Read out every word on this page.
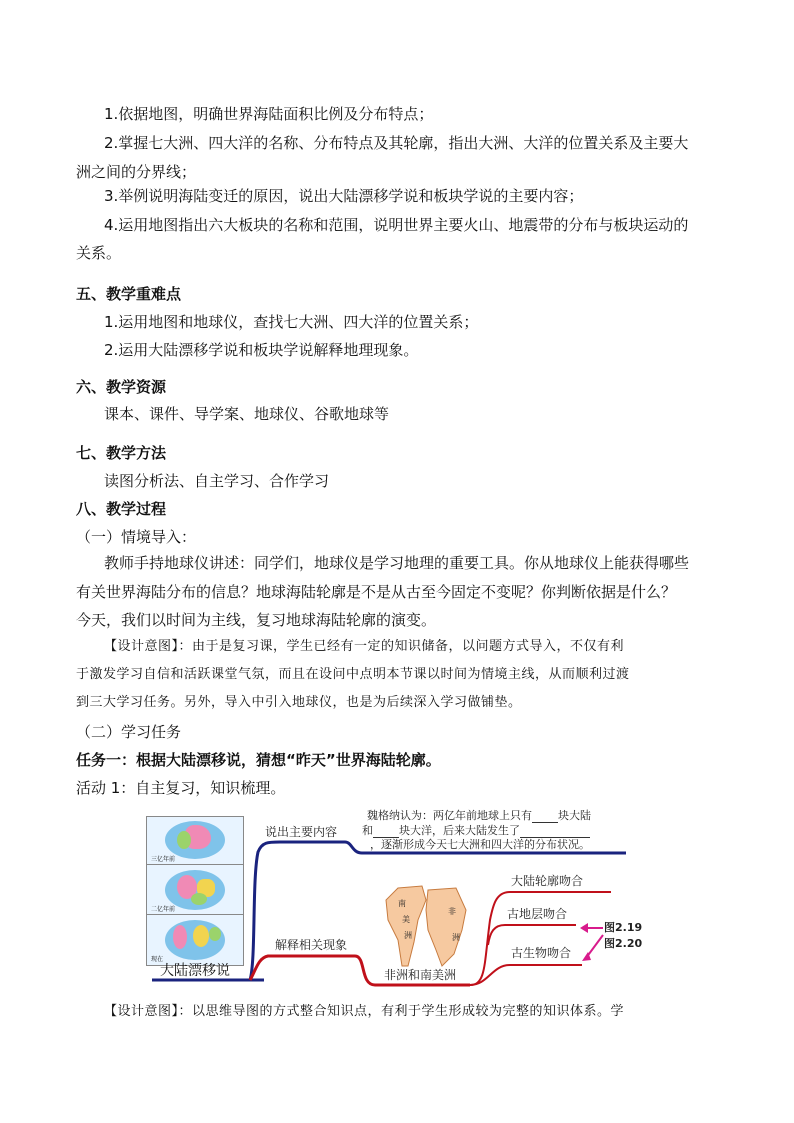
1.依据地图，明确世界海陆面积比例及分布特点；
2.掌握七大洲、四大洋的名称、分布特点及其轮廓，指出大洲、大洋的位置关系及主要大
洲之间的分界线；
3.举例说明海陆变迁的原因，说出大陆漂移学说和板块学说的主要内容；
4.运用地图指出六大板块的名称和范围，说明世界主要火山、地震带的分布与板块运动的
关系。
五、教学重难点
1.运用地图和地球仪，查找七大洲、四大洋的位置关系；
2.运用大陆漂移学说和板块学说解释地理现象。
六、教学资源
课本、课件、导学案、地球仪、谷歌地球等
七、教学方法
读图分析法、自主学习、合作学习
八、教学过程
（一）情境导入：
教师手持地球仪讲述：同学们，地球仪是学习地理的重要工具。你从地球仪上能获得哪些
有关世界海陆分布的信息？地球海陆轮廓是不是从古至今固定不变呢？你判断依据是什么？
今天，我们以时间为主线，复习地球海陆轮廓的演变。
【设计意图】：由于是复习课，学生已经有一定的知识储备，以问题方式导入，不仅有利
于激发学习自信和活跃课堂气氛，而且在设问中点明本节课以时间为情境主线，从而顺利过渡
到三大学习任务。另外，导入中引入地球仪，也是为后续深入学习做铺垫。
（二）学习任务
任务一：根据大陆漂移说，猜想“昨天”世界海陆轮廓。
活动 1：自主复习，知识梳理。
三亿年前
二亿年前
现在
南
美
洲
非
洲
大陆漂移说
说出主要内容
魏格纳认为：两亿年前地球上只有 块大陆
和 块大洋，后来大陆发生了
，逐渐形成今天七大洲和四大洋的分布状况。
解释相关现象
非洲和南美洲
大陆轮廓吻合
古地层吻合
古生物吻合
图2.19
图2.20
【设计意图】：以思维导图的方式整合知识点，有利于学生形成较为完整的知识体系。学
